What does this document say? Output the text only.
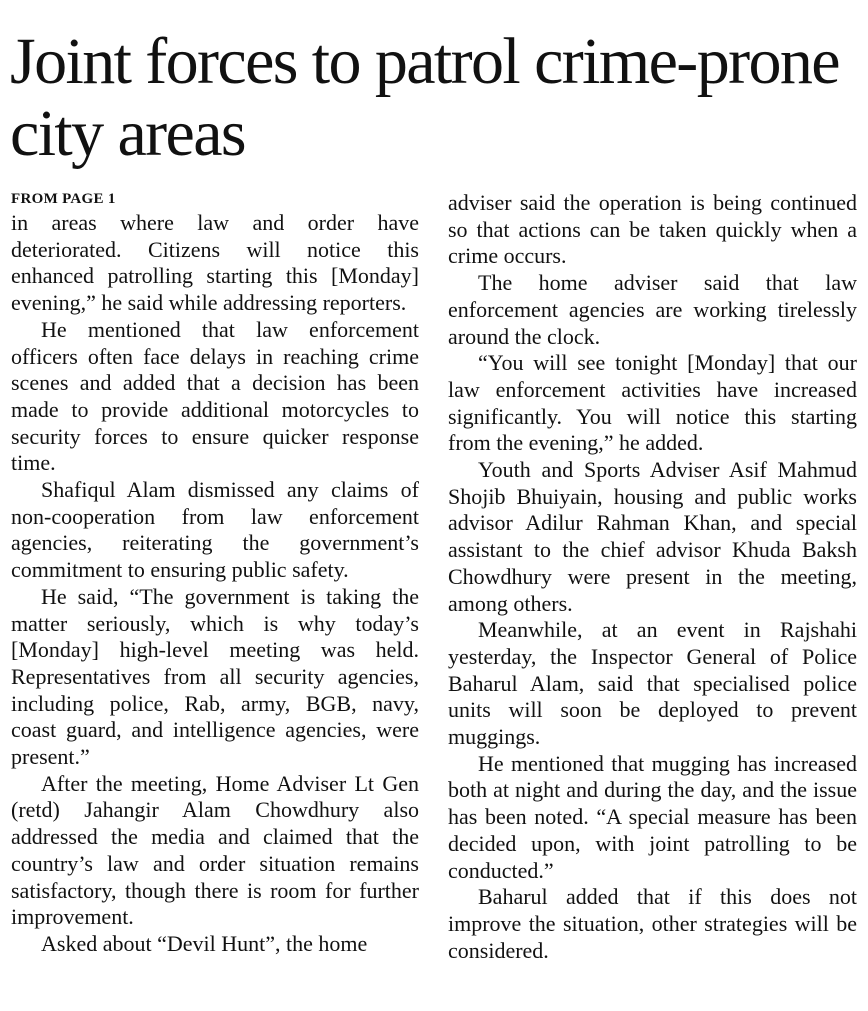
Joint forces to patrol crime-prone city areas
FROM PAGE 1

in areas where law and order have deteriorated. Citizens will notice this enhanced patrolling starting this [Monday] evening,” he said while addressing reporters.

He mentioned that law enforcement officers often face delays in reaching crime scenes and added that a decision has been made to provide additional motorcycles to security forces to ensure quicker response time.

Shafiqul Alam dismissed any claims of non-cooperation from law enforcement agencies, reiterating the government’s commitment to ensuring public safety.

He said, “The government is taking the matter seriously, which is why today’s [Monday] high-level meeting was held. Representatives from all security agencies, including police, Rab, army, BGB, navy, coast guard, and intelligence agencies, were present.”

After the meeting, Home Adviser Lt Gen (retd) Jahangir Alam Chowdhury also addressed the media and claimed that the country’s law and order situation remains satisfactory, though there is room for further improvement.

Asked about “Devil Hunt”, the home

adviser said the operation is being continued so that actions can be taken quickly when a crime occurs.

The home adviser said that law enforcement agencies are working tirelessly around the clock.

“You will see tonight [Monday] that our law enforcement activities have increased significantly. You will notice this starting from the evening,” he added.

Youth and Sports Adviser Asif Mahmud Shojib Bhuiyain, housing and public works advisor Adilur Rahman Khan, and special assistant to the chief advisor Khuda Baksh Chowdhury were present in the meeting, among others.

Meanwhile, at an event in Rajshahi yesterday, the Inspector General of Police Baharul Alam, said that specialised police units will soon be deployed to prevent muggings.

He mentioned that mugging has increased both at night and during the day, and the issue has been noted. “A special measure has been decided upon, with joint patrolling to be conducted.”

Baharul added that if this does not improve the situation, other strategies will be considered.
